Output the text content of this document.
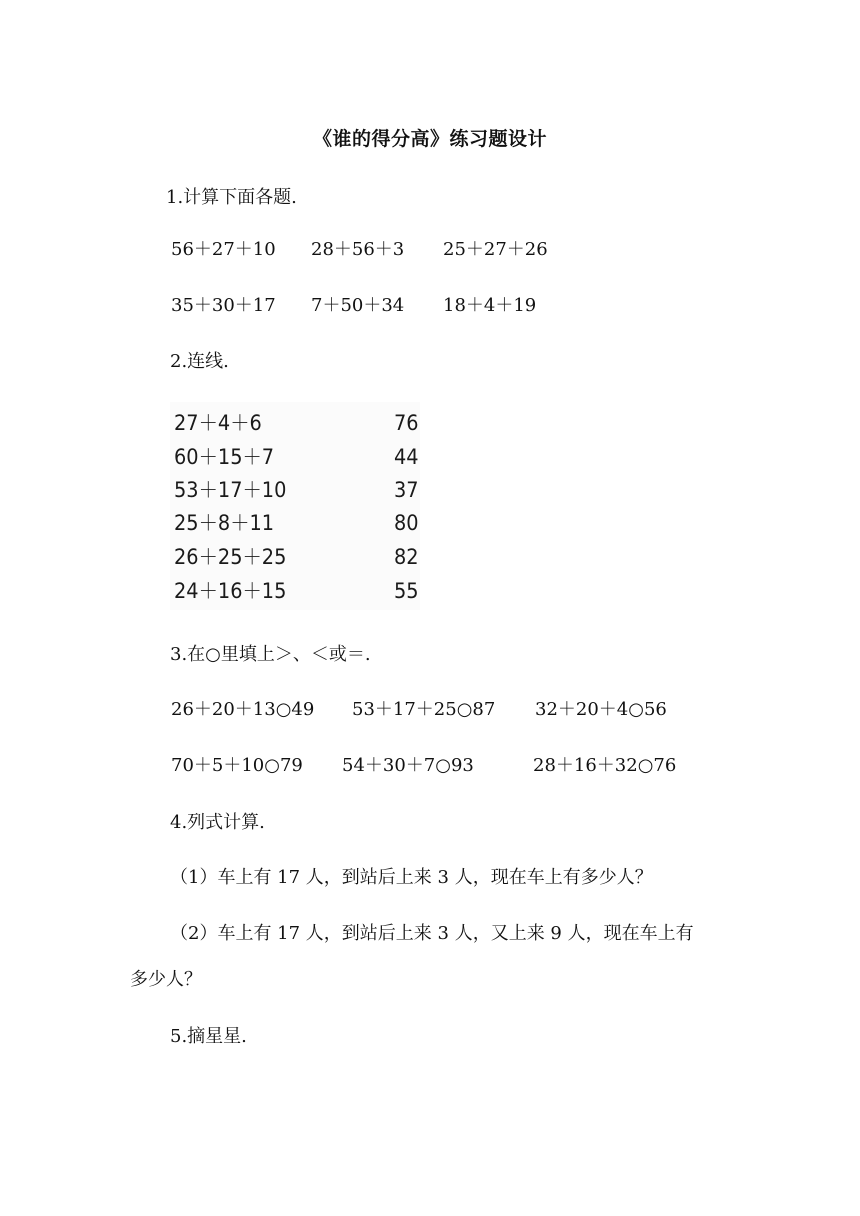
《谁的得分高》练习题设计
1.计算下面各题.
56＋27＋10 28＋56＋3 25＋27＋26
35＋30＋17 7＋50＋34 18＋4＋19
2.连线.
27＋4＋6
60＋15＋7
53＋17＋10
25＋8＋11
26＋25＋25
24＋16＋15
76
44
37
80
82
55
3.在○里填上＞、＜或＝.
26＋20＋13○49 53＋17＋25○87 32＋20＋4○56
70＋5＋10○79 54＋30＋7○93	28＋16＋32○76
4.列式计算.
（1）车上有 17 人，到站后上来 3 人，现在车上有多少人？
（2）车上有 17 人，到站后上来 3 人，又上来 9 人，现在车上有
多少人？
5.摘星星.
